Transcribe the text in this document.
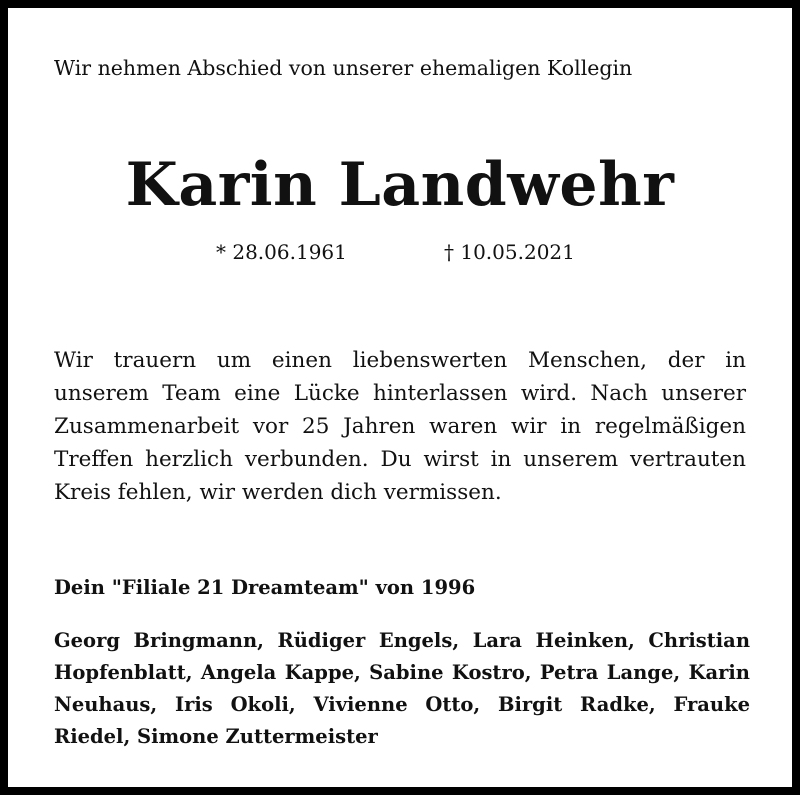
Wir nehmen Abschied von unserer ehemaligen Kollegin
Karin Landwehr
* 28.06.1961	† 10.05.2021
Wir trauern um einen liebenswerten Menschen, der in unserem Team eine Lücke hinterlassen wird. Nach unserer Zusammenarbeit vor 25 Jahren waren wir in regelmäßigen Treffen herzlich verbunden. Du wirst in unserem vertrauten Kreis fehlen, wir werden dich vermissen.
Dein "Filiale 21 Dreamteam" von 1996
Georg Bringmann, Rüdiger Engels, Lara Heinken, Christian Hopfenblatt, Angela Kappe, Sabine Kostro, Petra Lange, Karin Neuhaus, Iris Okoli, Vivienne Otto, Birgit Radke, Frauke Riedel, Simone Zuttermeister
